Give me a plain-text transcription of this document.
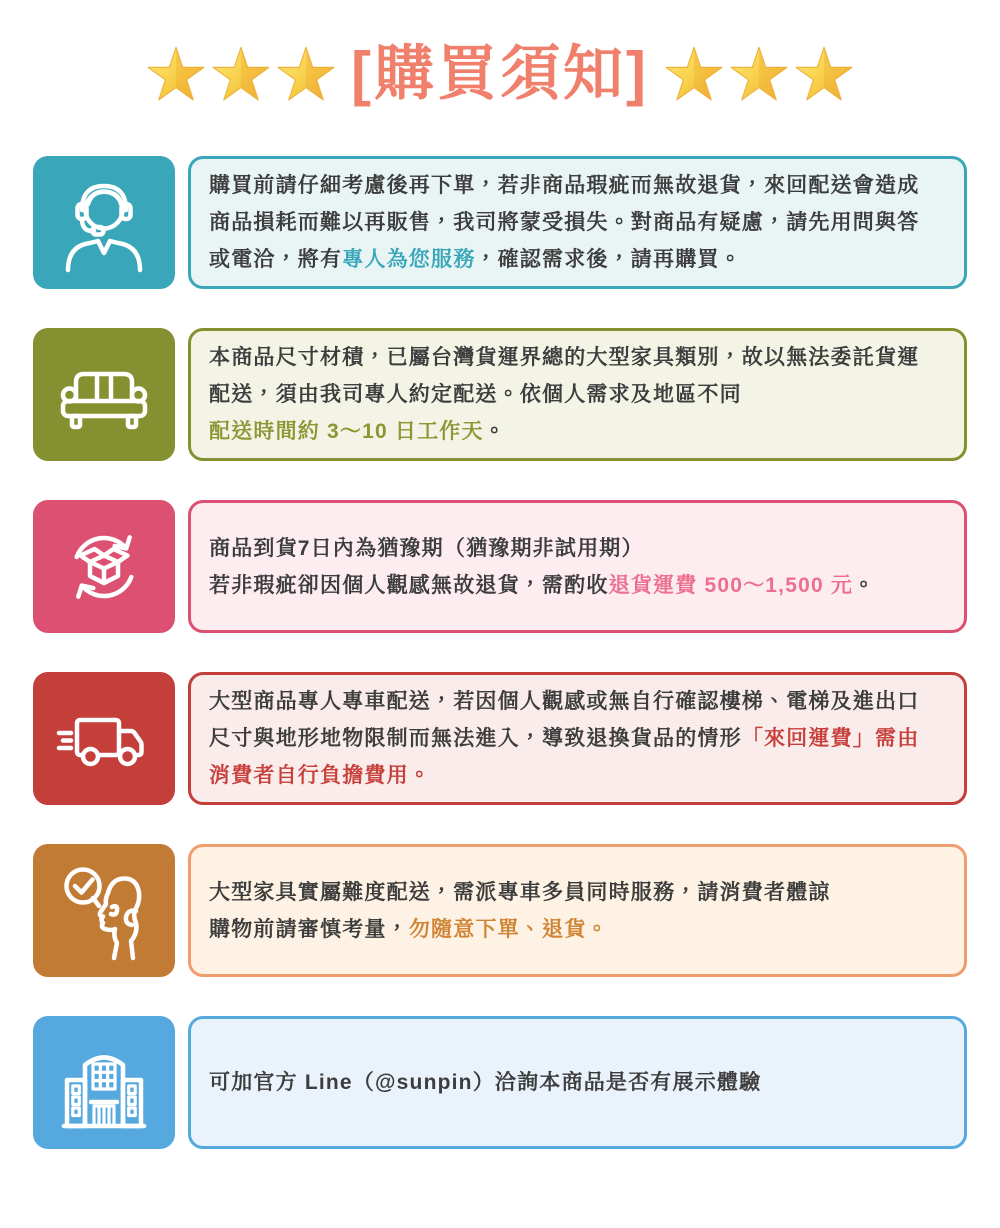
[購買須知]

購買前請仔細考慮後再下單，若非商品瑕疵而無故退貨，來回配送會造成

商品損耗而難以再販售，我司將蒙受損失。對商品有疑慮，請先用問與答

或電洽，將有專人為您服務，確認需求後，請再購買。

本商品尺寸材積，已屬台灣貨運界總的大型家具類別，故以無法委託貨運

配送，須由我司專人約定配送。依個人需求及地區不同

配送時間約 3～10 日工作天。

商品到貨7日內為猶豫期（猶豫期非試用期）

若非瑕疵卻因個人觀感無故退貨，需酌收退貨運費 500～1,500 元。

大型商品專人專車配送，若因個人觀感或無自行確認樓梯、電梯及進出口

尺寸與地形地物限制而無法進入，導致退換貨品的情形「來回運費」需由

消費者自行負擔費用。

大型家具實屬難度配送，需派專車多員同時服務，請消費者體諒

購物前請審慎考量，勿隨意下單、退貨。

可加官方 Line（@sunpin）洽詢本商品是否有展示體驗
